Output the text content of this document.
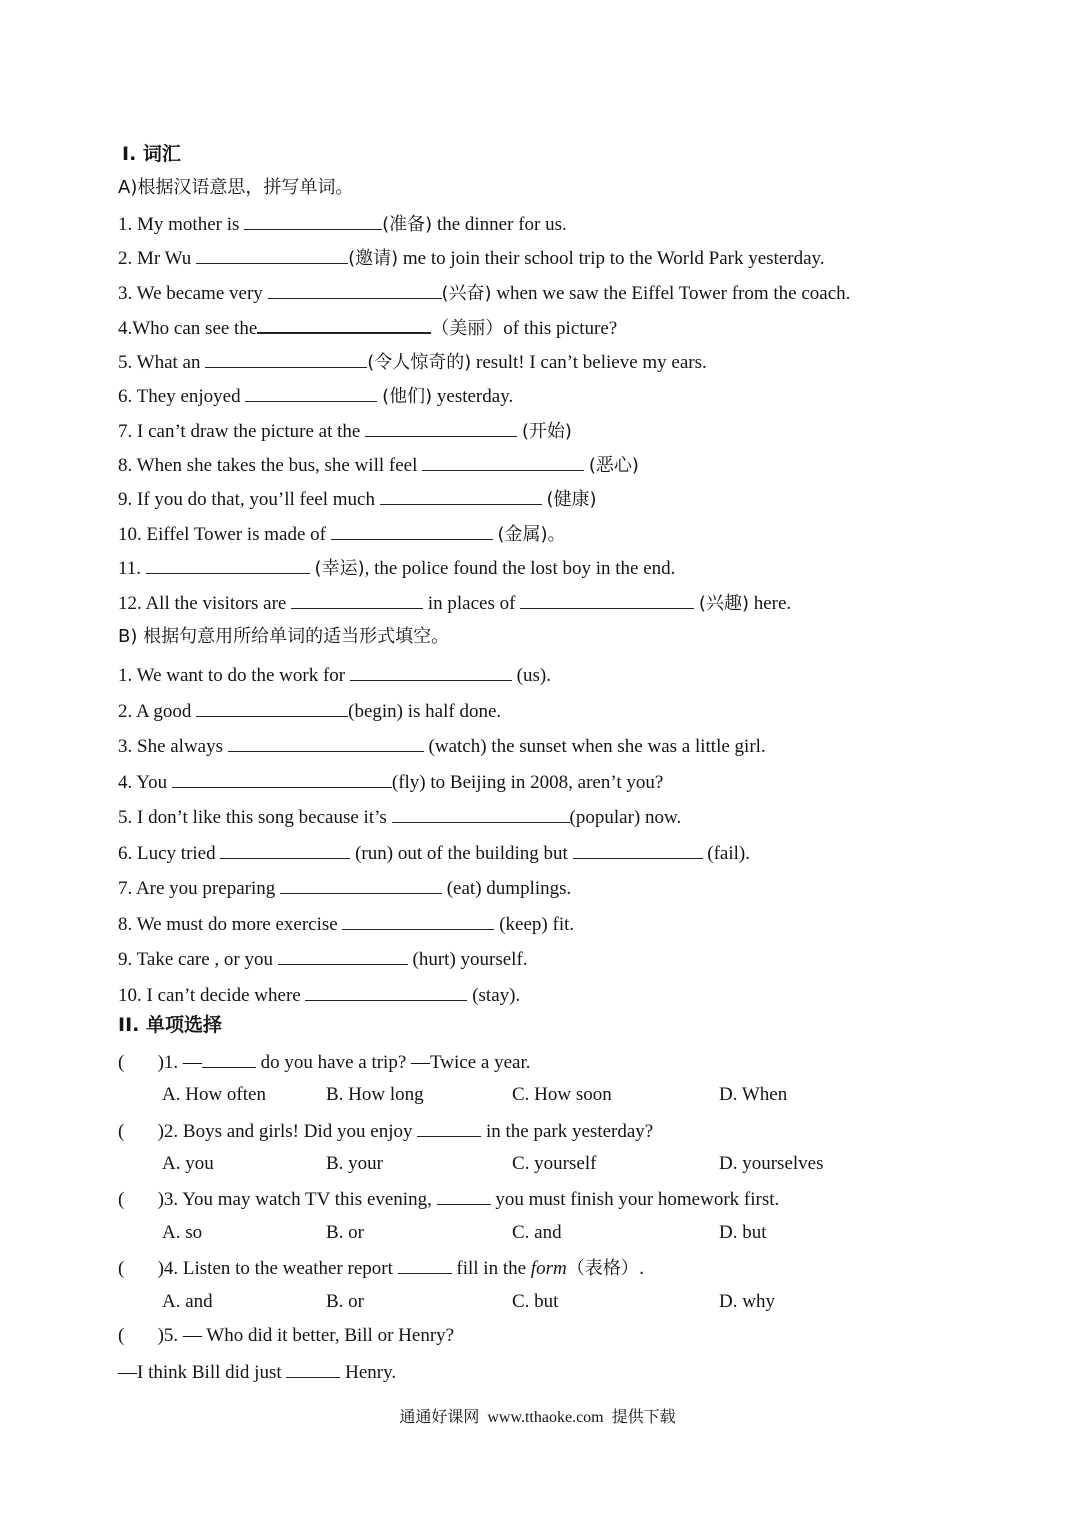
Ⅰ. 词汇
A)根据汉语意思，拼写单词。
1. My mother is	(准备) the dinner for us.
2. Mr Wu	(邀请) me to join their school trip to the World Park yesterday.
3. We became very	(兴奋) when we saw the Eiffel Tower from the coach.
4.Who can see the	（美丽）of this picture?
5. What an	(令人惊奇的) result! I can’t believe my ears.
6. They enjoyed	(他们) yesterday.
7. I can’t draw the picture at the	(开始)
8. When she takes the bus, she will feel	(恶心)
9. If you do that, you’ll feel much	(健康)
10. Eiffel Tower is made of	(金属)。
11.	(幸运), the police found the lost boy in the end.
12. All the visitors are	in places of	(兴趣) here.
B) 根据句意用所给单词的适当形式填空。
1. We want to do the work for	(us).
2. A good	(begin) is half done.
3. She always	(watch) the sunset when she was a little girl.
4. You	(fly) to Beijing in 2008, aren’t you?
5. I don’t like this song because it’s	(popular) now.
6. Lucy tried	(run) out of the building but	(fail).
7. Are you preparing	(eat) dumplings.
8. We must do more exercise	(keep) fit.
9. Take care , or you	(hurt) yourself.
10. I can’t decide where	(stay).
II. 单项选择
(       )1. —	do you have a trip? —Twice a year.
A. How often	B. How long	C. How soon	D. When
(       )2. Boys and girls! Did you enjoy	in the park yesterday?
A. you	B. your	C. yourself	D. yourselves
(       )3. You may watch TV this evening,	you must finish your homework first.
A. so	B. or	C. and	D. but
(       )4. Listen to the weather report	fill in the form（表格）.
A. and	B. or	C. but	D. why
(       )5. — Who did it better, Bill or Henry?
—I think Bill did just	Henry.
通通好课网 www.tthaoke.com 提供下载
